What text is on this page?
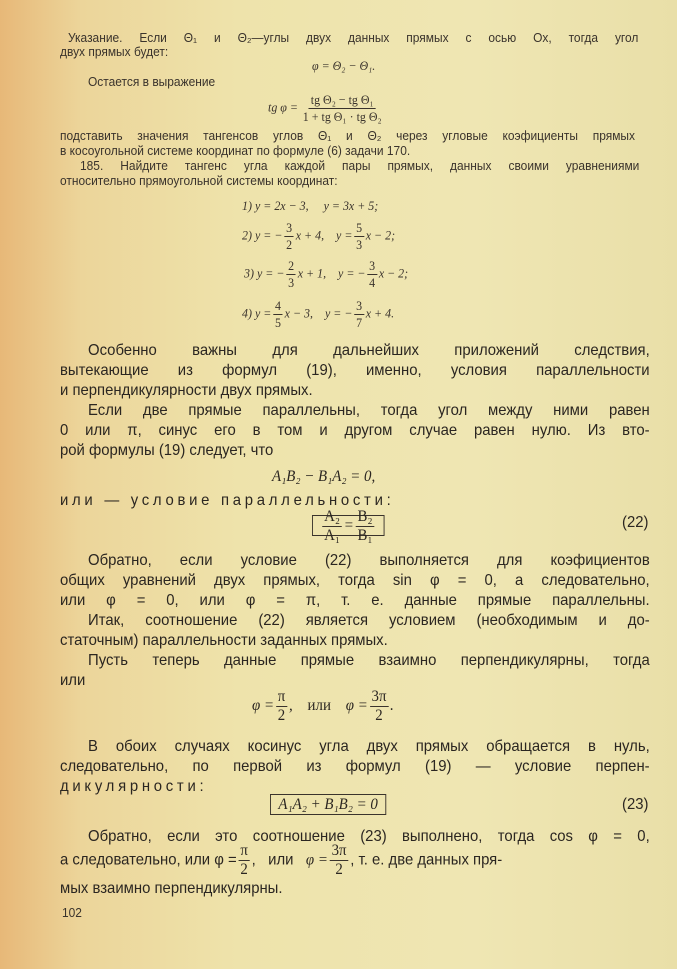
Указание. Если Θ₁ и Θ₂—углы двух данных прямых с осью Ox, тогда угол
двух прямых будет:
φ = Θ₂ − Θ₁.
Остается в выражение
tg $\varphi = \frac{\text{tg Θ₂ − tg Θ₁}}{\text{1 + tg Θ₁ · tg Θ₂}}$
подставить значения тангенсов углов Θ₁ и Θ₂ через угловые коэфициенты прямых
в косоугольной системе координат по формуле (6) задачи 170.
185. Найдите тангенс угла каждой пары прямых, данных своими уравнениями
относительно прямоугольной системы координат:
1) y = 2x − 3, y = 3x + 5;
2) y = − $\frac{3}{2}$ x + 4, $y = \frac{5}{3}$ x − 2;
3) y = − $\frac{2}{3}$ x + 1, y = − $\frac{3}{4}$ x − 2;
4) $y = \frac{4}{5}$ x − 3, y = − $\frac{3}{7}$ x + 4.
Особенно важны для дальнейших приложений следствия,
вытекающие из формул (19), именно, условия параллельности
и перпендикулярности двух прямых.
Если две прямые параллельны, тогда угол между ними равен
0 или π, синус его в том и другом случае равен нулю. Из вто-
рой формулы (19) следует, что
A₁B₂ − B₁A₂ = 0,
или — условие параллельности:
$\frac{\text{A₂}}{\text{A₁}} = \frac{\text{B₂}}{\text{B₁}}$	(22)
Обратно, если условие (22) выполняется для коэфициентов
общих уравнений двух прямых, тогда sin φ = 0, а следовательно,
или φ = 0, или φ = π, т. е. данные прямые параллельны.
Итак, соотношение (22) является условием (необходимым и до-
статочным) параллельности заданных прямых.
Пусть теперь данные прямые взаимно перпендикулярны, тогда
или
$\varphi = \frac{\pi}{2}$ ,    или $\varphi = \frac{3\pi}{2}$ .
В обоих случаях косинус угла двух прямых обращается в нуль,
следовательно, по первой из формул (19) — условие перпен-
дикулярности:
A₁A₂ + B₁B₂ = 0	(23)
Обратно, если это соотношение (23) выполнено, тогда cos φ = 0,
а следовательно, или $\varphi = \frac{\pi}{2}$ ,   или $\varphi = \frac{3\pi}{2}$ , т. е. две данных пря-
мых взаимно перпендикулярны.
102
